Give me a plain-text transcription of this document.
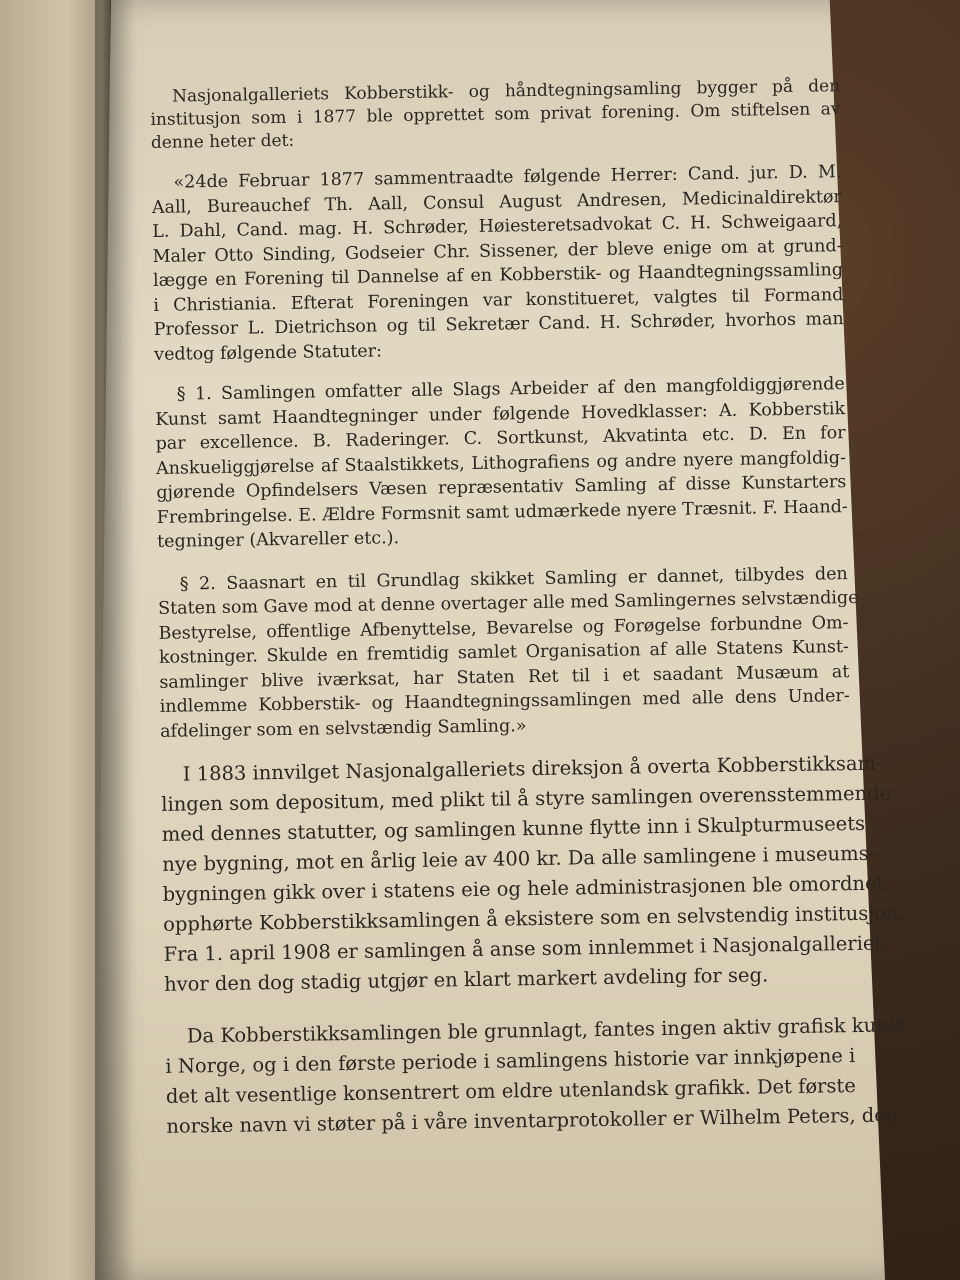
Nasjonalgalleriets Kobberstikk- og håndtegningsamling bygger på den
institusjon som i 1877 ble opprettet som privat forening. Om stiftelsen av
denne heter det:
«24de Februar 1877 sammentraadte følgende Herrer: Cand. jur. D. M.
Aall, Bureauchef Th. Aall, Consul August Andresen, Medicinaldirektør
L. Dahl, Cand. mag. H. Schrøder, Høiesteretsadvokat C. H. Schweigaard,
Maler Otto Sinding, Godseier Chr. Sissener, der bleve enige om at grund-
lægge en Forening til Dannelse af en Kobberstik- og Haandtegningssamling
i Christiania. Efterat Foreningen var konstitueret, valgtes til Formand
Professor L. Dietrichson og til Sekretær Cand. H. Schrøder, hvorhos man
vedtog følgende Statuter:
§ 1. Samlingen omfatter alle Slags Arbeider af den mangfoldiggjørende
Kunst samt Haandtegninger under følgende Hovedklasser: A. Kobberstik
par excellence. B. Raderinger. C. Sortkunst, Akvatinta etc. D. En for
Anskueliggjørelse af Staalstikkets, Lithografiens og andre nyere mangfoldig-
gjørende Opfindelsers Væsen repræsentativ Samling af disse Kunstarters
Frembringelse. E. Ældre Formsnit samt udmærkede nyere Træsnit. F. Haand-
tegninger (Akvareller etc.).
§ 2. Saasnart en til Grundlag skikket Samling er dannet, tilbydes den
Staten som Gave mod at denne overtager alle med Samlingernes selvstændige
Bestyrelse, offentlige Afbenyttelse, Bevarelse og Forøgelse forbundne Om-
kostninger. Skulde en fremtidig samlet Organisation af alle Statens Kunst-
samlinger blive iværksat, har Staten Ret til i et saadant Musæum at
indlemme Kobberstik- og Haandtegningssamlingen med alle dens Under-
afdelinger som en selvstændig Samling.»
I 1883 innvilget Nasjonalgalleriets direksjon å overta Kobberstikksam-
lingen som depositum, med plikt til å styre samlingen overensstemmende
med dennes statutter, og samlingen kunne flytte inn i Skulpturmuseets
nye bygning, mot en årlig leie av 400 kr. Da alle samlingene i museums-
bygningen gikk over i statens eie og hele administrasjonen ble omordnet,
opphørte Kobberstikksamlingen å eksistere som en selvstendig institusjon.
Fra 1. april 1908 er samlingen å anse som innlemmet i Nasjonalgalleriet,
hvor den dog stadig utgjør en klart markert avdeling for seg.
Da Kobberstikksamlingen ble grunnlagt, fantes ingen aktiv grafisk kunst
i Norge, og i den første periode i samlingens historie var innkjøpene i
det alt vesentlige konsentrert om eldre utenlandsk grafikk. Det første
norske navn vi støter på i våre inventarprotokoller er Wilhelm Peters, den
